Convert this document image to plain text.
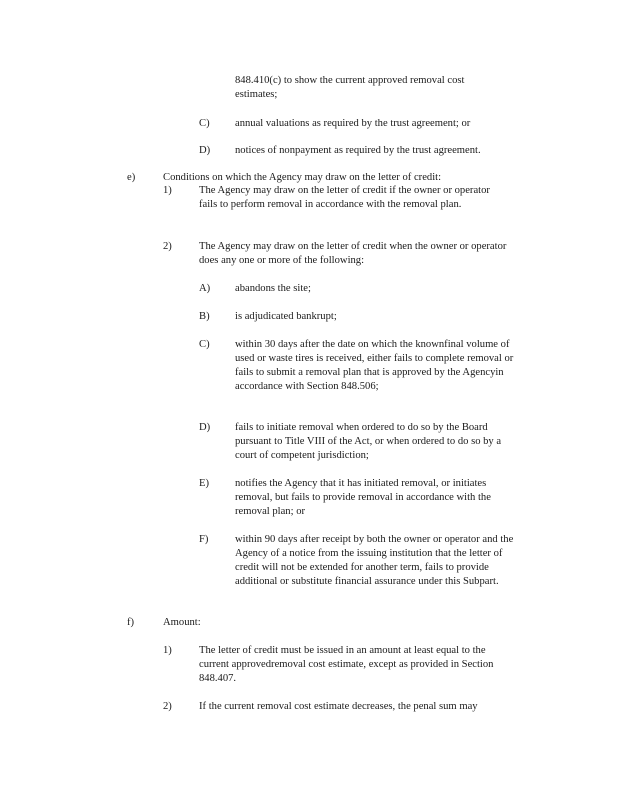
848.410(c) to show the current approved removal cost estimates;
C) annual valuations as required by the trust agreement; or
D) notices of nonpayment as required by the trust agreement.
e)	Conditions on which the Agency may draw on the letter of credit:
1)	The Agency may draw on the letter of credit if the owner or operator fails to perform removal in accordance with the removal plan.
2)	The Agency may draw on the letter of credit when the owner or operator does any one or more of the following:
A) abandons the site;
B) is adjudicated bankrupt;
C) within 30 days after the date on which the knownfinal volume of used or waste tires is received, either fails to complete removal or fails to submit a removal plan that is approved by the Agencyin accordance with Section 848.506;
D) fails to initiate removal when ordered to do so by the Board pursuant to Title VIII of the Act, or when ordered to do so by a court of competent jurisdiction;
E) notifies the Agency that it has initiated removal, or initiates removal, but fails to provide removal in accordance with the removal plan; or
F)	within 90 days after receipt by both the owner or operator and the Agency of a notice from the issuing institution that the letter of credit will not be extended for another term, fails to provide additional or substitute financial assurance under this Subpart.
f)	Amount:
1)	The letter of credit must be issued in an amount at least equal to the current approvedremoval cost estimate, except as provided in Section 848.407.
2)	If the current removal cost estimate decreases, the penal sum may
